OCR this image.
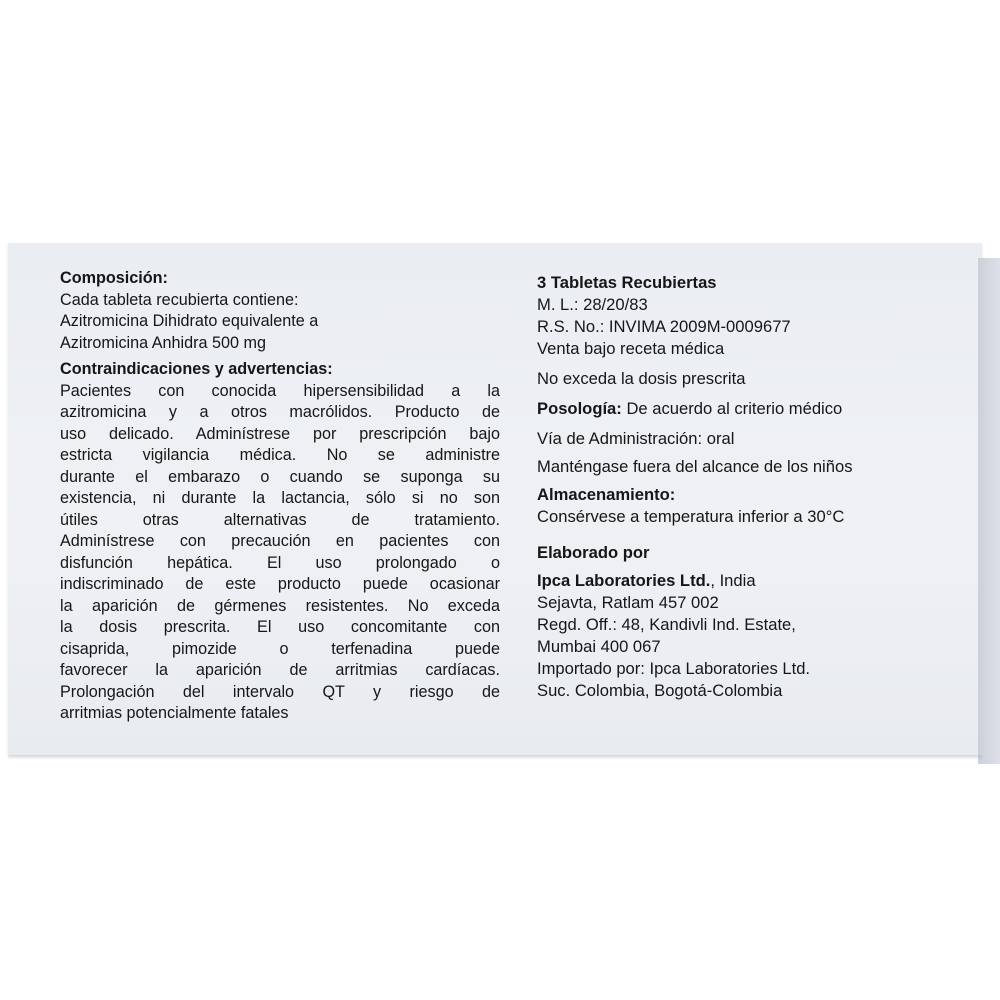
Composición:
Cada tableta recubierta contiene:
Azitromicina Dihidrato equivalente a
Azitromicina Anhidra 500 mg
Contraindicaciones y advertencias:
Pacientes con conocida hipersensibilidad a la
azitromicina y a otros macrólidos. Producto de
uso delicado. Adminístrese por prescripción bajo
estricta vigilancia médica. No se administre
durante el embarazo o cuando se suponga su
existencia, ni durante la lactancia, sólo si no son
útiles otras alternativas de tratamiento.
Adminístrese con precaución en pacientes con
disfunción hepática. El uso prolongado o
indiscriminado de este producto puede ocasionar
la aparición de gérmenes resistentes. No exceda
la dosis prescrita. El uso concomitante con
cisaprida, pimozide o terfenadina puede
favorecer la aparición de arritmias cardíacas.
Prolongación del intervalo QT y riesgo de
arritmias potencialmente fatales
3 Tabletas Recubiertas
M. L.: 28/20/83
R.S. No.: INVIMA 2009M-0009677
Venta bajo receta médica
No exceda la dosis prescrita
Posología: De acuerdo al criterio médico
Vía de Administración: oral
Manténgase fuera del alcance de los niños
Almacenamiento:
Consérvese a temperatura inferior a 30°C
Elaborado por
Ipca Laboratories Ltd., India
Sejavta, Ratlam 457 002
Regd. Off.: 48, Kandivli Ind. Estate,
Mumbai 400 067
Importado por: Ipca Laboratories Ltd.
Suc. Colombia, Bogotá-Colombia
